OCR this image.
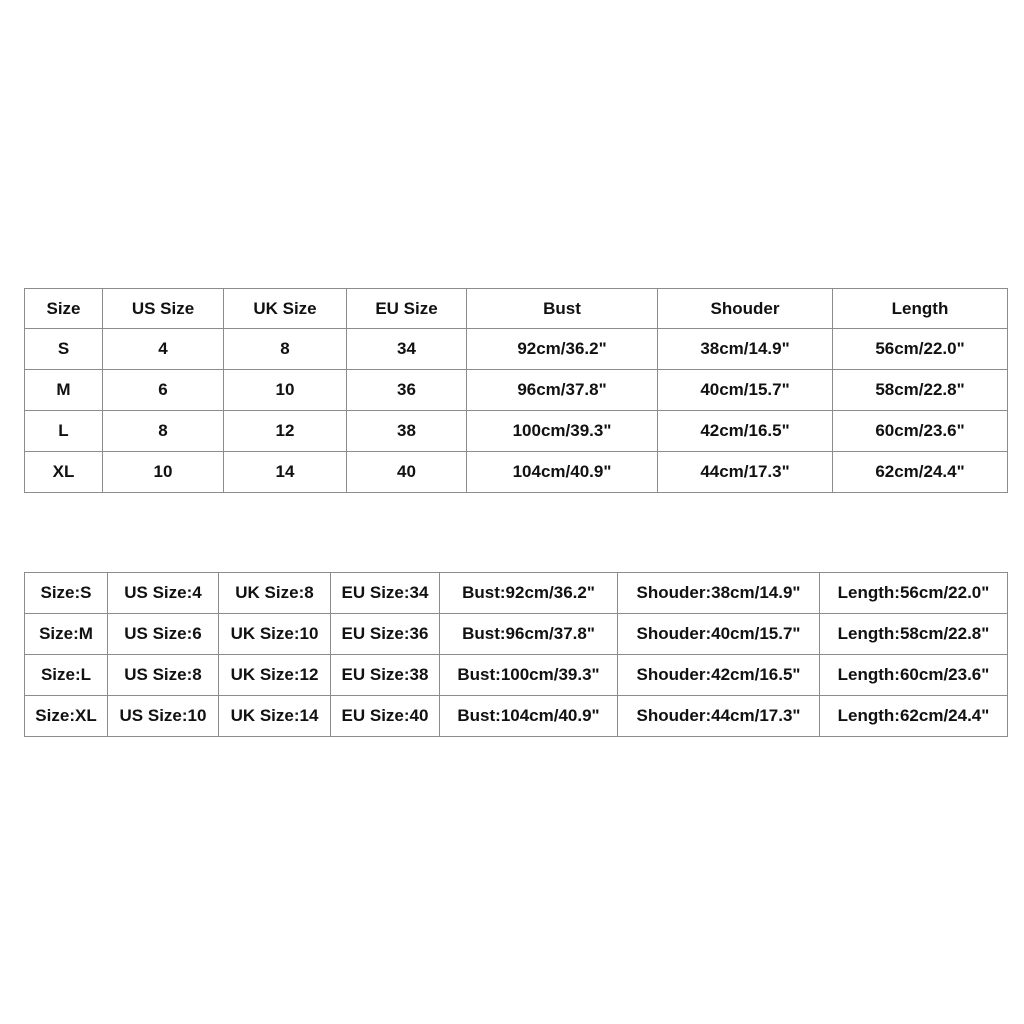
Size	US Size	UK Size	EU Size	Bust	Shouder	Length
S	4	8	34	92cm/36.2"	38cm/14.9"	56cm/22.0"
M	6	10	36	96cm/37.8"	40cm/15.7"	58cm/22.8"
L	8	12	38	100cm/39.3"	42cm/16.5"	60cm/23.6"
XL	10	14	40	104cm/40.9"	44cm/17.3"	62cm/24.4"
Size:S	US Size:4	UK Size:8	EU Size:34	Bust:92cm/36.2"	Shouder:38cm/14.9"	Length:56cm/22.0"
Size:M	US Size:6	UK Size:10	EU Size:36	Bust:96cm/37.8"	Shouder:40cm/15.7"	Length:58cm/22.8"
Size:L	US Size:8	UK Size:12	EU Size:38	Bust:100cm/39.3"	Shouder:42cm/16.5"	Length:60cm/23.6"
Size:XL	US Size:10	UK Size:14	EU Size:40	Bust:104cm/40.9"	Shouder:44cm/17.3"	Length:62cm/24.4"
